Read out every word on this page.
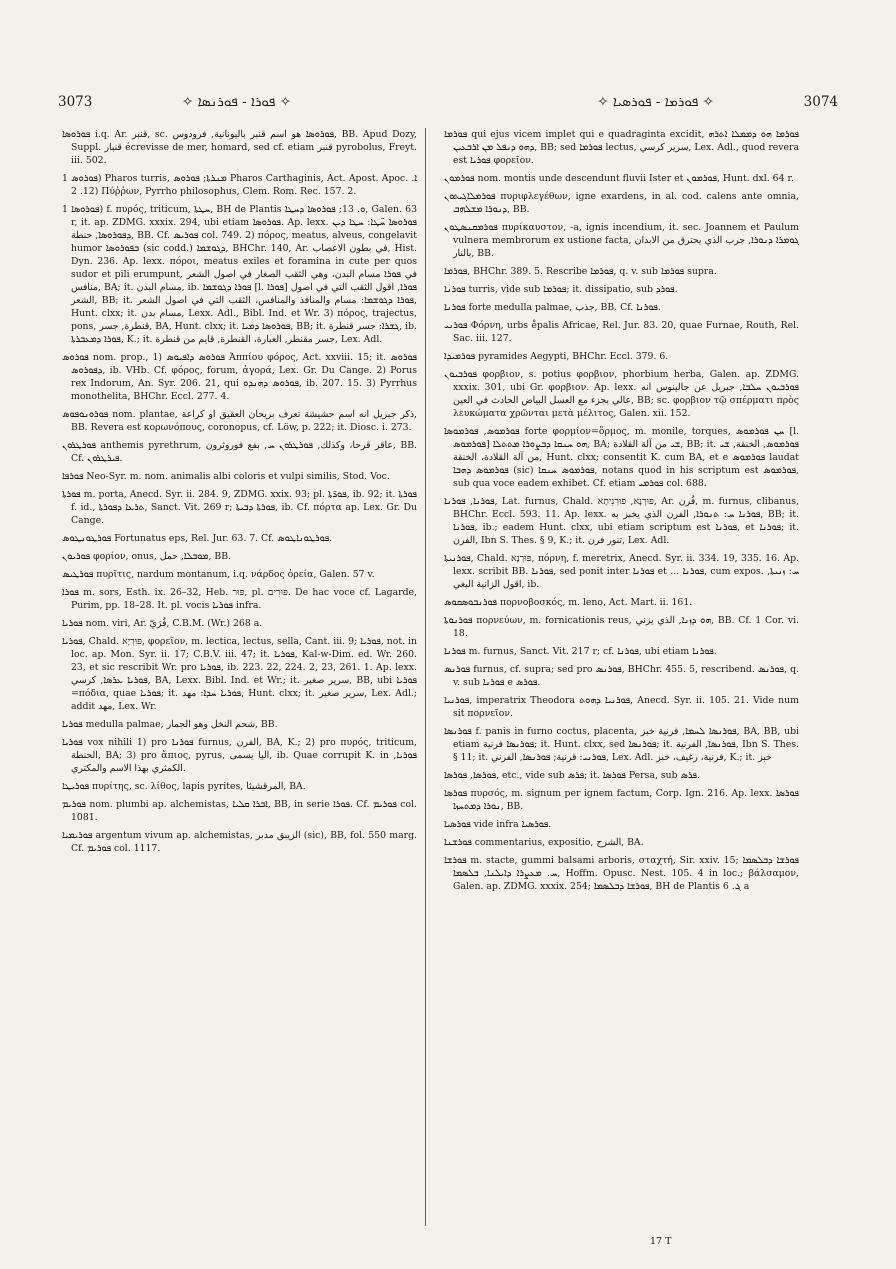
3073	✧ ܦܘܪܐ - ܦܘܪܢܣܐ ✧	✧ ܦܘܪܡܐ - ܦܘܪܣܝܐ ✧	3074

ܦܘܪܘܣܐ i.q. Ar. قنبر, sc. ܦܘܪܘܣܐ هو اسم قنبر باليونانية, فرودوس, BB. Apud Dozy, Suppl. قنبار écrevisse de mer, homard, sed cf. etiam قنبر pyrobolus, Freyt. iii. 502.

ܦܘܪܘܣ 1) Pharos turris, ܡܢܪܬܐ; ܦܘܪܘܣ Pharos Carthaginis, Act. Apost. Apoc. ܐ. 12. 2) Πύῤῥων, Pyrrho philosophus, Clem. Rom. Rec. 157. 2.

ܦܘܪܘܣܐ 1) f. πυρός, triticum, ܚܛܬܐ, BH de Plantis ܘ. 13; ܦܘܪܘܣܐ ܕܚܛܐ, Galen. 63 r, it. ap. ZDMG. xxxix. 294, ubi etiam ܦܘܪܘܣܐ. Ap. lexx. ܦܘܪܘܣܐ ܚ̈ܛܐ: ܚܛܐ ܕܝܢ ܕܦܘܪܘܣܐ, حنطة, BB. Cf. ܦܘܪܝܣ col. 749. 2) πόρος, meatus, alveus, congelavit humor ܒܦܘܪܘܣܐ (sic codd.) ܕܓܘܫܡܐ, BHChr. 140, Ar. في بطون الاعصاب, Hist. Dyn. 236. Ap. lexx. πόροι, meatus exiles et foramina in cute per quos sudor et pili erumpunt, في ܦܘܪܐ مسام البدن، وهي الثقب الصغار في اصول الشعر منافس, BA; it. مسام البدن, ib. ܦܘܪܐ ܕܓܘܫܡܐ [l. ܦܘܪܐ] ܦܘܪܐ, اقول الثقب التي في اصول الشعر, BB; it. ܦܘܪܐ ܕܓܘܫܡܐ: مسام والمنافذ والمنافس، الثقب التي في اصول الشعر, Hunt. clxx; it. مسام بدن, Lexx. Adl., Bibl. Ind. et Wr. 3) πόρος, trajectus, pons, قنطرة, جسر, BA, Hunt. clxx; it. ܦܘܪܘܣܐ ܕܡܝܐ, BB; it. ܓܫܪܐ: جسر قنطرة, ib. ܦܘܪܐ ܕܡܥܒܪܬܐ, K.; it. جسر مقنطر, العبارة، القنطرة, قايم من قنطرة, Lex. Adl.

ܦܘܪܘܣ nom. prop., 1) ܦܘܪܘܣ ܕܐܦܝܘܣ Ἀππίου φόρος, Act. xxviii. 15; it. ܦܘܪܘܣ ܕܦܘܪܘܣ, ib. VHb. Cf. φόρος, forum, ἀγορά, Lex. Gr. Du Cange. 2) Porus rex Indorum, An. Syr. 206. 21, qui ܦܘܪܘܣ ܕܗܢܕܘ, ib. 207. 15. 3) Pyrrhus monothelita, BHChr. Eccl. 277. 4.

ܦܘܪܘܢܘܦܘܣ nom. plantae, ذكر جبريل انه اسم حشيشة تعرف بريحان العقيق او كراعة, BB. Revera est κορωνόπους, coronopus, cf. Löw, p. 222; it. Diosc. i. 273.

ܦܘܪܛܪܘܢ anthemis pyrethrum, عاقر قرحا، وكذلك, ܦܘܪܛܪܘܢ ܚ, بفع فوروثرون, BB. Cf. ܦܝܪܛܪܘܢ.

ܦܘܪܦܐ Neo-Syr. m. nom. animalis albi coloris et vulpi similis, Stod. Voc.

ܦܘܪܬܐ m. porta, Anecd. Syr. ii. 284. 9, ZDMG. xxix. 93; pl. ܦܘܪ̈ܬܐ, ib. 92; it. ܦܘܪܬܐ f. id., ܬܪܥܐ ܕܦܘܪܬܐ, Sanct. Vit. 269 r; ܦܘܪܬܐ ܕܒܝܬܐ, ib. Cf. πόρτα ap. Lex. Gr. Du Cange.

ܦܘܪܛܘܢܛܘܣ Fortunatus eps, Rel. Jur. 63. 7. Cf. ܦܘܪܛܘܢܐܛܘܣ.

ܦܘܪܝܘܢ φορίον, onus, ܡܘܒܠܐ, حمل, BB.

ܦܘܪܛܝܣ πυρῖτις, nardum montanum, i.q. νάρδος ὀρεία, Galen. 57 v.

ܦܘܪܐ m. sors, Esth. ix. 26–32, Heb. פּוּר, pl. פּוּרִים. De hac voce cf. Lagarde, Purim, pp. 18–28. It. pl. vocis ܦܘܪܝܐ infra.

ܦܘܪܝܐ nom. viri, Ar. فُرَيّ, C.B.M. (Wr.) 268 a.

ܦܘܪܝܐ, Chald. פּוּרְיָא, φορεῖον, m. lectica, lectus, sella, Cant. iii. 9; ܦܘܪܝܐ, not. in loc. ap. Mon. Syr. ii. 17; C.B.V. iii. 47; it. ܦܘܪܝܐ, Kal-w-Dim. ed. Wr. 260. 23, et sic rescribit Wr. pro ܦܘܪܝܐ, ib. 223. 22, 224. 2, 23, 261. 1. Ap. lexx. ܦܘܪܝܐ ܥܪܣܐ, كرسي, BA, Lexx. Bibl. Ind. et Wr.; it. سرير صغير, BB, ubi ܦܘܪܝܐ =πόδια, quae ܦܘܪܝܐ; it. ܦܘܪܝܐ ܚܕܐ: مهد, Hunt. clxx; it. سرير صغير, Lex. Adl.; addit مهد, Lex. Wr.

ܦܘܪܝܐ medulla palmae, شحم النخل وهو الجمار, BB.

ܦܘܪܝܐ vox nihili 1) pro ܦܘܪܢܐ furnus, الفرن, BA, K.; 2) pro πυρός, triticum, الحنطة, BA; 3) pro ἄπιος, pyrus, اليا يسمى, ib. Quae corrupit K. in ܦܘܪܝܐ, الكمثري بهذا الاسم والمكتري.

ܦܘܪܝܛܐ πυρίτης, sc. λίθος, lapis pyrites, المرقشيثا, BA.

ܦܘܪܝܡ nom. plumbi ap. alchemistas, ܐܒܪܐ ܩܠܝܐ, BB, in serie ܦܘܪܐ. Cf. ܦܘܪܝܡ col. 1081.

ܦܘܪܝܡܝܐ argentum vivum ap. alchemistas, الزيبق مدبر (sic), BB, fol. 550 marg. Cf. ܦܘܪܝܡ col. 1117.

ܦܘܪܡܐ qui ejus vicem implet qui e quadraginta excidit, ܦܘܪܡܐ ܗܘ ܕܡܡܠܐ ܐܬܪܗ ܕܗܘ ܕܢܦܠ ܡܢ ܐܪܒܥܝܢ, BB; sed ܦܘܪܡܐ lectus, سرير كرسي, Lex. Adl., quod revera est ܦܘܪܝܐ φορεῖον.

ܦܘܪܡܘܢ nom. montis unde descendunt fluvii Ister et ܦܘܪܡܘܢ, Hunt. dxl. 64 r.

ܦܘܪܡܠܐܓܝܬܘܢ πυριφλεγέθων, igne exardens, in al. cod. calens ante omnia, ܕܢܘܪܐ ܡܫܠܗܒ, BB.

ܦܘܪܡܩܢܣܛܘܢ πυρίκαυστον, -a, ignis incendium, it. sec. Joannem et Paulum vulnera membrorum ex ustione facta, ܓܘܡܪܐ ܕܢܘܪܐ, جرب الذي يحترق من الابدان بالنار, BB.

ܦܘܪܡܐ, BHChr. 389. 5. Rescribe ܦܘܪܡܐ, q. v. sub ܦܘܪܡܐ supra.

ܦܘܪܢܐ turris, vide sub ܦܘܪܡܐ; it. dissipatio, sub ܦܘܪܕ.

ܦܘܪܢܐ forte medulla palmae, جذب, BB. Cf. ܦܘܪܢܐ.

ܦܘܪܢܝ Φόρνη, urbs e̊palis Africae, Rel. Jur. 83. 20, quae Furnae, Routh, Rel. Sac. iii. 127.

ܦܘܪܡܝܕܐ pyramides Aegypti, BHChr. Eccl. 379. 6.

ܦܘܪܒܝܘܢ φορβιον, s. potius φορβιον, phorbium herba, Galen. ap. ZDMG. xxxix. 301, ubi Gr. φορβιον. Ap. lexx. ܦܘܪܒܝܘܢ ܚܠܒܐ, جبريل عن جالينوس انه عالي بجزء مع العسل البياض الحادث في العين, BB; sc. φορβιον τῷ σπέρματι πρὸς λευκώματα χρῶνται μετὰ μέλιτος, Galen. xii. 152.

ܦܘܪܡܘܣ, ܦܘܪܡܘܣܐ forte φορμίον=ὅρμος, m. monile, torques, ܚܢ ܦܘܪܡܘܣ [l. ܦܘܪܡܘܣ] ܗܘ ܚܢܩܐ ܕܒܨܘܪܐ ܡܬܬܠܐ, BA; ܫܝ من آلة القلادة, BB; it. ܦܘܪܡܘܣ, الخنقة, ܫܝ من آلة القلادة، الخنقة, Hunt. clxx; consentit K. cum BA, et e ܦܘܪܡܘܣ laudat ܦܘܪܡܘܣ ܕܗܒܐ (sic) ܦܘܪܡܘܣ ܚܢܩܐ, notans quod in his scriptum est ܦܘܪܡܘܣ, sub qua voce eadem exhibet. Cf. etiam ܦܘܪܡܝ col. 688.

ܦܘܪܢܐ, ܦܘܪܢܐ, Lat. furnus, Chald. פּוּרְנָא, פוּרְנִיתָא, Ar. فُرن, m. furnus, clibanus, BHChr. Eccl. 593. 11. Ap. lexx. ܦܘܪܢܐ ܚ: ܬܢܘܪܐ, الفرن الذي يخبز به, BB; it. ܦܘܪܢܐ, ib.; eadem Hunt. clxx, ubi etiam scriptum est ܦܘܪܢܐ, et ܦܘܪܢܐ; it. الفرن, Ibn S. Thes. § 9, K.; it. تنور فرن, Lex. Adl.

ܦܘܪܢܝܬܐ, Chald. פּוּרְנָא, πόρνη, f. meretrix, Anecd. Syr. ii. 334. 19, 335. 16. Ap. lexx. scribit BB. ܦܘܪܢܐ, sed ponit inter ܦܘܪܢܐ et ... ܦܘܪܢܐ, cum expos. ܚ: ܙܢܝܬܐ, اقول الزانية البغي, ib.

ܦܘܪܢܒܘܣܩܘܣ πορνοβοσκός, m. leno, Act. Mart. ii. 161.

ܦܘܪܢܘܬܐ πορνεύων, m. fornicationis reus, ܗܘ ܕܙܢܐ, الذي يزني, BB. Cf. 1 Cor. vi. 18.

ܦܘܪܢܐ m. furnus, Sanct. Vit. 217 r; cf. ܦܘܪܢܐ, ubi etiam ܦܘܪܢܐ.

ܦܘܪܢܣ furnus, cf. supra; sed pro ܦܘܪܢܣ, BHChr. 455. 5, rescribend. ܦܘܪܢܣ, q. v. sub ܦܘܪܢܐ e ܦܘܪܣ.

ܦܘܪܢܝܐ, imperatrix Theodora ܦܘܪܢܝܐ ܕܗܘܬ, Anecd. Syr. ii. 105. 21. Vide num sit πορνεῖον.

ܦܘܪܢܣܐ f. panis in furno coctus, placenta, ܦܘܪܢܣܐ ܠܚܡܐ, فرنية خبز, BA, BB, ubi etiam ܦܘܪܢܣܐ فرنية; it. Hunt. clxx, sed ܦܘܪܢܣܐ; it. ܦܘܪܢܣܐ, الفرنية, Ibn S. Thes. § 11; it. ܦܘܪܢܝ: قرنية; ܦܘܪܢܣܐ, الفرني, Lex. Adl. فرنية، رغيف، خبز, K.; it. خبز

ܦܘܪܣܐ, ܦܘܪܣܐ, etc., vide sub ܦܪܣ; it. ܦܘܪܣܐ Persa, sub ܦܪܣ.

ܦܘܪܣܐ πυρσός, m. signum per ignem factum, Corp. Ign. 216. Ap. lexx. ܦܘܪܣܐ ܢܘܪܐ ܕܡܬܚܙܐ, BB.

ܦܘܪܣܝܐ vide infra ܦܘܪܣܝܐ.

ܦܘܪܫܢܐ commentarius, expositio, الشرح, BA.

ܦܘܪܫܐ m. stacte, gummi balsami arboris, σταχτή, Sir. xxiv. 15; ܦܘܪܫܐ ܕܒܠܣܡܐ ܚ. ܡܥܨܪܐ ܕܐܝܠܢܐ, ܒܠܣܡܐ, Hoffm. Opusc. Nest. 105. 4 in loc.; βάλσαμον, Galen. ap. ZDMG. xxxix. 254; ܦܘܪܫܐ ܕܒܠܣܡܐ, BH de Plantis ܓ. 6 a

17 T
